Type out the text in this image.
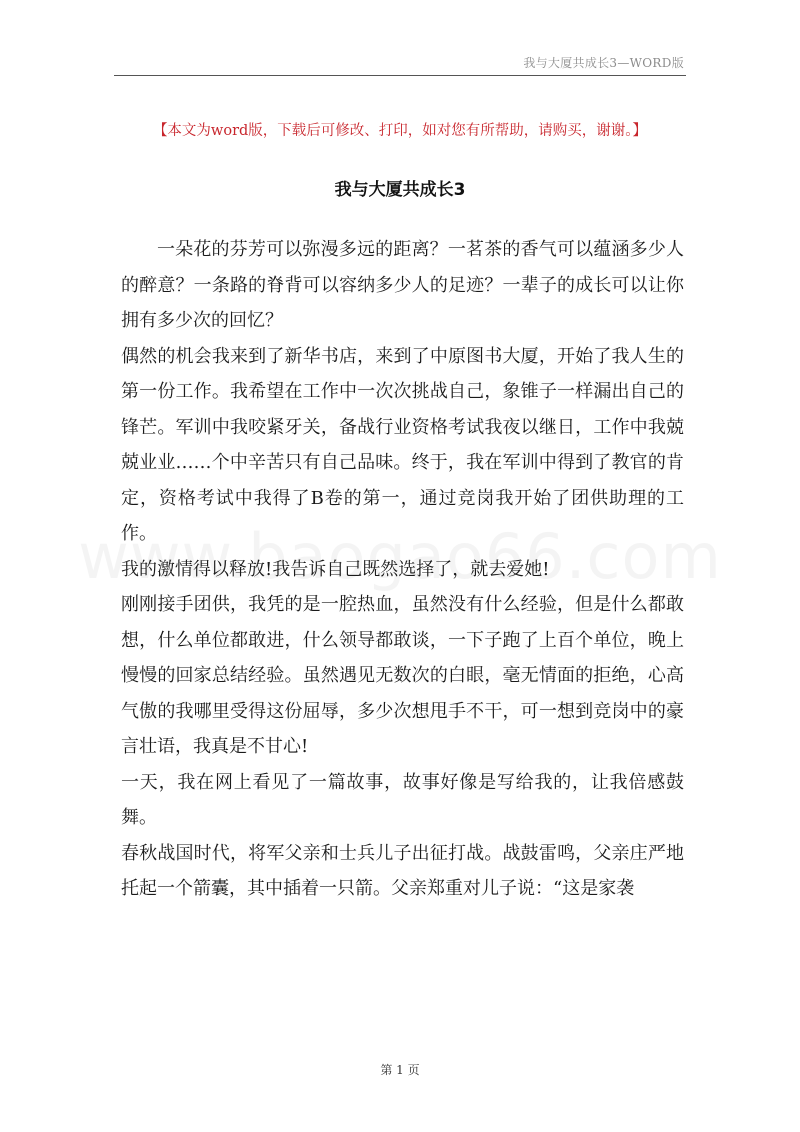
我与大厦共成长3—WORD版
【本文为word版，下载后可修改、打印，如对您有所帮助，请购买，谢谢。】
我与大厦共成长3

一朵花的芬芳可以弥漫多远的距离？一茗茶的香气可以蕴涵多少人的醉意？一条路的脊背可以容纳多少人的足迹？一辈子的成长可以让你拥有多少次的回忆？

偶然的机会我来到了新华书店，来到了中原图书大厦，开始了我人生的第一份工作。我希望在工作中一次次挑战自己，象锥子一样漏出自己的锋芒。军训中我咬紧牙关，备战行业资格考试我夜以继日，工作中我兢兢业业……个中辛苦只有自己品味。终于，我在军训中得到了教官的肯定，资格考试中我得了B卷的第一，通过竞岗我开始了团供助理的工作。

我的激情得以释放!我告诉自己既然选择了，就去爱她!

刚刚接手团供，我凭的是一腔热血，虽然没有什么经验，但是什么都敢想，什么单位都敢进，什么领导都敢谈，一下子跑了上百个单位，晚上慢慢的回家总结经验。虽然遇见无数次的白眼，毫无情面的拒绝，心高气傲的我哪里受得这份屈辱，多少次想甩手不干，可一想到竞岗中的豪言壮语，我真是不甘心!

一天，我在网上看见了一篇故事，故事好像是写给我的，让我倍感鼓舞。

春秋战国时代，将军父亲和士兵儿子出征打战。战鼓雷鸣，父亲庄严地托起一个箭囊，其中插着一只箭。父亲郑重对儿子说：“这是家袭

第 1 页
